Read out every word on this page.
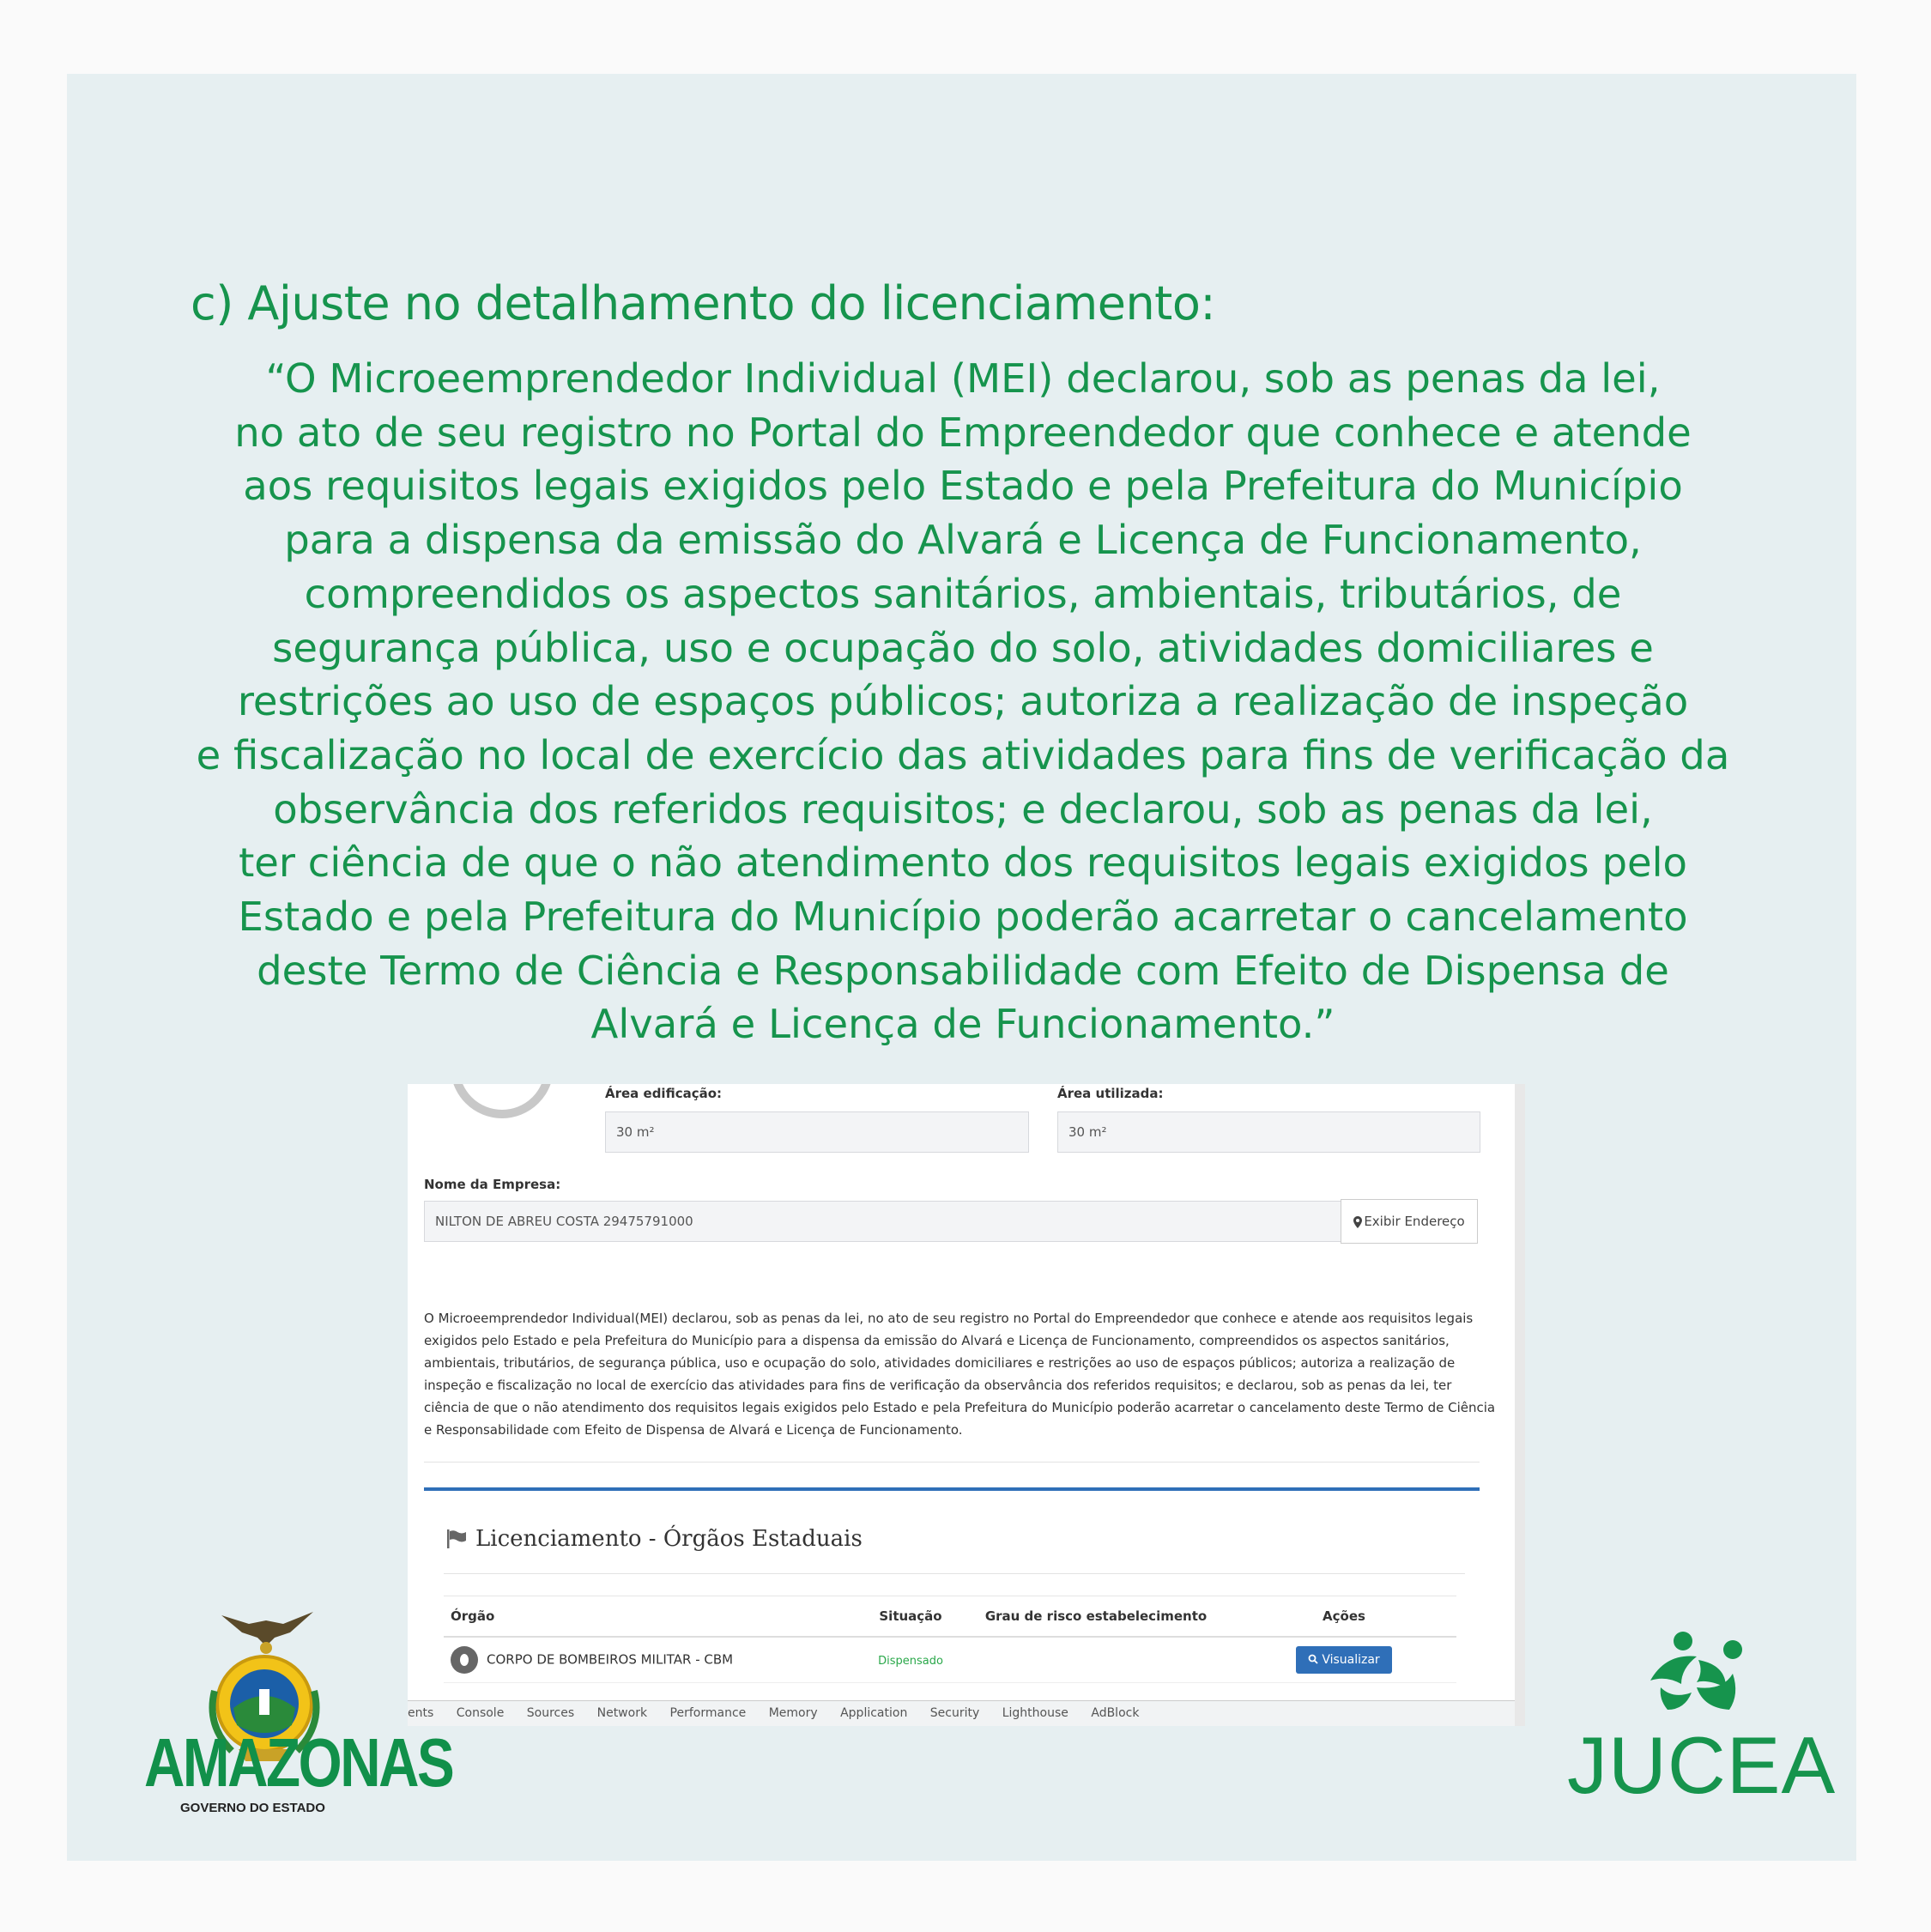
c) Ajuste no detalhamento do licenciamento:
“O Microeemprendedor Individual (MEI) declarou, sob as penas da lei,
no ato de seu registro no Portal do Empreendedor que conhece e atende
aos requisitos legais exigidos pelo Estado e pela Prefeitura do Município
para a dispensa da emissão do Alvará e Licença de Funcionamento,
compreendidos os aspectos sanitários, ambientais, tributários, de
segurança pública, uso e ocupação do solo, atividades domiciliares e
restrições ao uso de espaços públicos; autoriza a realização de inspeção
e fiscalização no local de exercício das atividades para fins de verificação da
observância dos referidos requisitos; e declarou, sob as penas da lei,
ter ciência de que o não atendimento dos requisitos legais exigidos pelo
Estado e pela Prefeitura do Município poderão acarretar o cancelamento
deste Termo de Ciência e Responsabilidade com Efeito de Dispensa de
Alvará e Licença de Funcionamento.”
Área edificação:
30 m²
Área utilizada:
30 m²
Nome da Empresa:
NILTON DE ABREU COSTA 29475791000	Exibir Endereço
O Microeemprendedor Individual(MEI) declarou, sob as penas da lei, no ato de seu registro no Portal do Empreendedor que conhece e atende aos requisitos legais exigidos pelo Estado e pela Prefeitura do Município para a dispensa da emissão do Alvará e Licença de Funcionamento, compreendidos os aspectos sanitários, ambientais, tributários, de segurança pública, uso e ocupação do solo, atividades domiciliares e restrições ao uso de espaços públicos; autoriza a realização de inspeção e fiscalização no local de exercício das atividades para fins de verificação da observância dos referidos requisitos; e declarou, sob as penas da lei, ter ciência de que o não atendimento dos requisitos legais exigidos pelo Estado e pela Prefeitura do Município poderão acarretar o cancelamento deste Termo de Ciência e Responsabilidade com Efeito de Dispensa de Alvará e Licença de Funcionamento.
Licenciamento - Órgãos Estaduais
Órgão	Situação	Grau de risco estabelecimento	Ações
CORPO DE BOMBEIROS MILITAR - CBM	Dispensado		Visualizar
ents Console Sources Network Performance Memory Application Security Lighthouse AdBlock
AMAZONAS
GOVERNO DO ESTADO	JUCEA
